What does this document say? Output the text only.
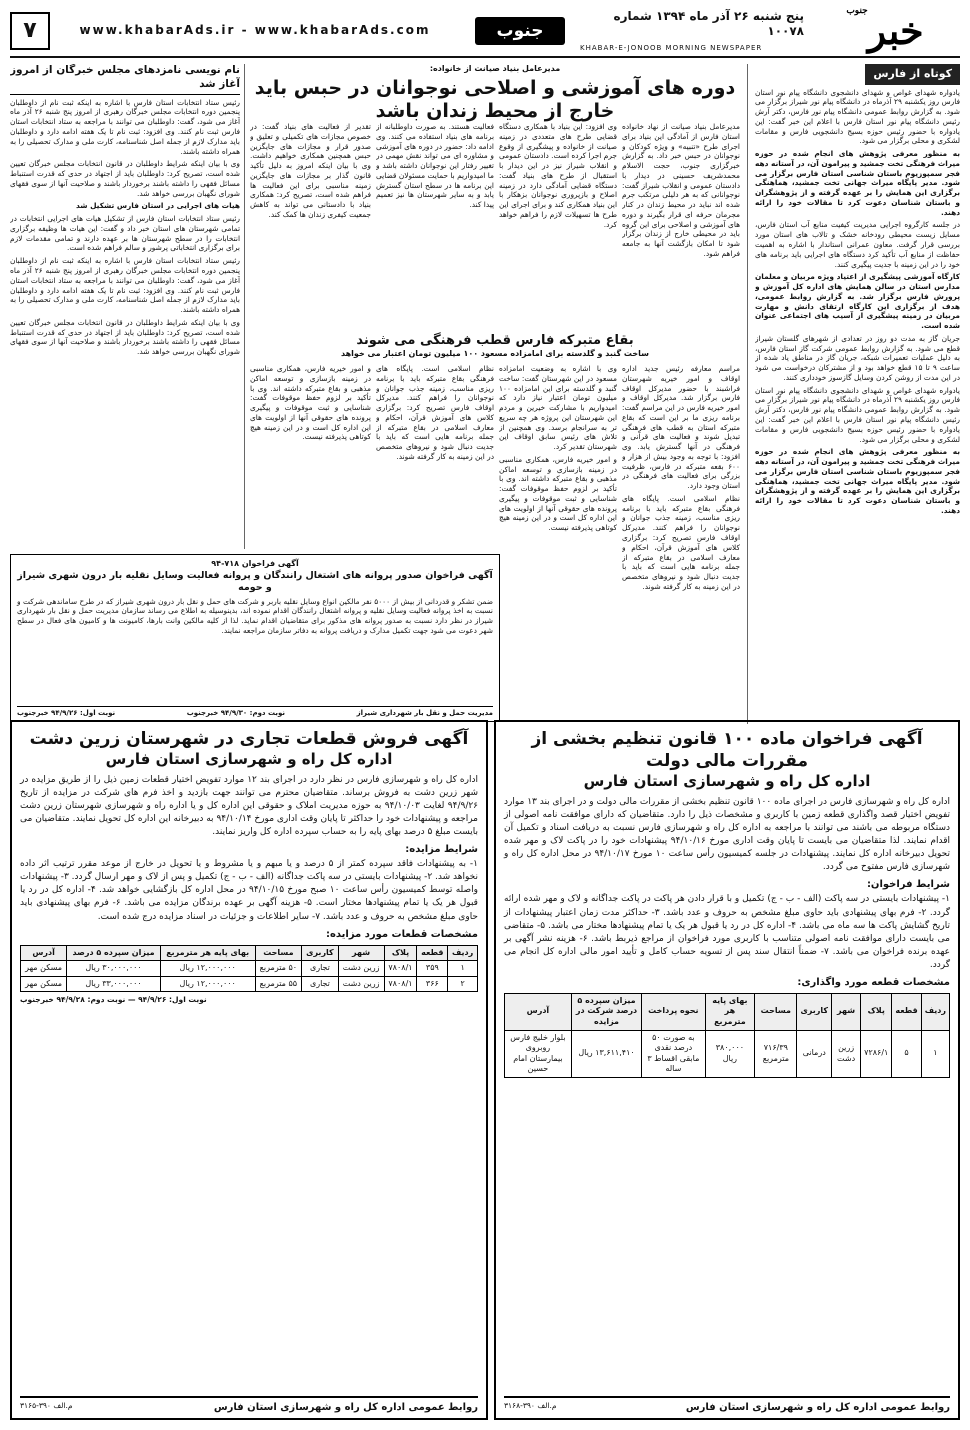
خبر$^{جنوب}$
پنج شنبه ۲۶ آذر ماه ۱۳۹۴ شماره ۱۰۰۷۸
KHABAR-E-JONOOB MORNING NEWSPAPER
جنوب
www.khabarAds.ir - www.khabarAds.com
۷
کوتاه از فارس

یادواره شهدای غواص و شهدای دانشجوی دانشگاه پیام نور استان فارس روز یکشنبه ۲۹ آذرماه در دانشگاه پیام نور شیراز برگزار می شود. به گزارش روابط عمومی دانشگاه پیام نور فارس، دکتر آرش رئیس دانشگاه پیام نور استان فارس با اعلام این خبر گفت: این یادواره با حضور رئیس حوزه بسیج دانشجویی فارس و مقامات لشکری و محلی برگزار می شود.

به منظور معرفی پژوهش های انجام شده در حوزه میراث فرهنگی تخت جمشید و پیرامون آن، در آستانه دهه فجر سمپوزیوم باستان شناسی استان فارس برگزار می شود. مدیر پایگاه میراث جهانی تخت جمشید، هماهنگی برگزاری این همایش را بر عهده گرفته و از پژوهشگران و باستان شناسان دعوت کرد تا مقالات خود را ارائه دهند.

در جلسه کارگروه اجرایی مدیریت کیفیت منابع آب استان فارس، مسایل زیست محیطی رودخانه خشک و تالاب های استان مورد بررسی قرار گرفت. معاون عمرانی استاندار با اشاره به اهمیت حفاظت از منابع آب تأکید کرد دستگاه های اجرایی باید برنامه های خود را در این زمینه با جدیت پیگیری کنند.

کارگاه آموزشی پیشگیری از اعتیاد ویژه مربیان و معلمان مدارس استان در سالن همایش های اداره کل آموزش و پرورش فارس برگزار شد. به گزارش روابط عمومی، هدف از برگزاری این کارگاه ارتقای دانش و مهارت مربیان در زمینه پیشگیری از آسیب های اجتماعی عنوان شده است.

جریان گاز به مدت دو روز در تعدادی از شهرهای گلستان شیراز قطع می شود. به گزارش روابط عمومی شرکت گاز استان فارس، به دلیل عملیات تعمیرات شبکه، جریان گاز در مناطق یاد شده از ساعت ۹ تا ۱۵ قطع خواهد بود و از مشترکان درخواست می شود در این مدت از روشن کردن وسایل گازسوز خودداری کنند.

یادواره شهدای غواص و شهدای دانشجوی دانشگاه پیام نور استان فارس روز یکشنبه ۲۹ آذرماه در دانشگاه پیام نور شیراز برگزار می شود. به گزارش روابط عمومی دانشگاه پیام نور فارس، دکتر آرش رئیس دانشگاه پیام نور استان فارس با اعلام این خبر گفت: این یادواره با حضور رئیس حوزه بسیج دانشجویی فارس و مقامات لشکری و محلی برگزار می شود.

به منظور معرفی پژوهش های انجام شده در حوزه میراث فرهنگی تخت جمشید و پیرامون آن، در آستانه دهه فجر سمپوزیوم باستان شناسی استان فارس برگزار می شود. مدیر پایگاه میراث جهانی تخت جمشید، هماهنگی برگزاری این همایش را بر عهده گرفته و از پژوهشگران و باستان شناسان دعوت کرد تا مقالات خود را ارائه دهند.

مدیرعامل بنیاد صیانت از خانواده:
دوره های آموزشی و اصلاحی نوجوانان در حبس باید خارج از محیط زندان باشد
مدیرعامل بنیاد صیانت از نهاد خانواده استان فارس از آمادگی این بنیاد برای اجرای طرح «تنبیه» و ویژه کودکان و نوجوانان در حبس خبر داد. به گزارش خبرگزاری جنوب، حجت الاسلام محمدشریف حسینی در دیدار با دادستان عمومی و انقلاب شیراز گفت: نوجوانانی که به هر دلیلی مرتکب جرم شده اند نباید در محیط زندان در کنار مجرمان حرفه ای قرار بگیرند و دوره های آموزشی و اصلاحی برای این گروه باید در محیطی خارج از زندان برگزار شود تا امکان بازگشت آنها به جامعه فراهم شود.
وی افزود: این بنیاد با همکاری دستگاه قضایی طرح های متعددی در زمینه صیانت از خانواده و پیشگیری از وقوع جرم اجرا کرده است. دادستان عمومی و انقلاب شیراز نیز در این دیدار با استقبال از طرح های بنیاد گفت: دستگاه قضایی آمادگی دارد در زمینه اصلاح و بازپروری نوجوانان بزهکار با این بنیاد همکاری کند و برای اجرای این طرح ها تسهیلات لازم را فراهم خواهد کرد.
فعالیت هستند. به صورت داوطلبانه از برنامه های بنیاد استفاده می کنند. وی ادامه داد: حضور در دوره های آموزشی و مشاوره ای می تواند نقش مهمی در تغییر رفتار این نوجوانان داشته باشد و ما امیدواریم با حمایت مسئولان قضایی این برنامه ها در سطح استان گسترش یابد و به سایر شهرستان ها نیز تعمیم پیدا کند.
تقدیر از فعالیت های بنیاد گفت: در خصوص مجازات های تکمیلی و تعلیق و صدور قرار و مجازات های جایگزین حبس همچنین همکاری خواهیم داشت. وی با بیان اینکه امروز به دلیل تأکید قانون گذار بر مجازات های جایگزین زمینه مناسبی برای این فعالیت ها فراهم شده است، تصریح کرد: همکاری بنیاد با دادستانی می تواند به کاهش جمعیت کیفری زندان ها کمک کند.
بقاع متبرکه فارس قطب فرهنگی می شوند
ساخت گنبد و گلدسته برای امامزاده مسعود ۱۰۰ میلیون تومان اعتبار می خواهد

مراسم معارفه رئیس جدید اداره اوقاف و امور خیریه شهرستان فراشبند با حضور مدیرکل اوقاف فارس برگزار شد. مدیرکل اوقاف و امور خیریه فارس در این مراسم گفت: برنامه ریزی ما بر این است که بقاع متبرکه استان به قطب های فرهنگی تبدیل شوند و فعالیت های قرآنی و فرهنگی در آنها گسترش یابد. وی افزود: با توجه به وجود بیش از هزار و ۶۰۰ بقعه متبرکه در فارس، ظرفیت بزرگی برای فعالیت های فرهنگی در استان وجود دارد.

نظام اسلامی است. پایگاه های فرهنگی بقاع متبرکه باید با برنامه ریزی مناسب، زمینه جذب جوانان و نوجوانان را فراهم کنند. مدیرکل اوقاف فارس تصریح کرد: برگزاری کلاس های آموزش قرآن، احکام و معارف اسلامی در بقاع متبرکه از جمله برنامه هایی است که باید با جدیت دنبال شود و نیروهای متخصص در این زمینه به کار گرفته شوند.

وی با اشاره به وضعیت امامزاده مسعود در این شهرستان گفت: ساخت گنبد و گلدسته برای این امامزاده ۱۰۰ میلیون تومان اعتبار نیاز دارد که امیدواریم با مشارکت خیرین و مردم این شهرستان این پروژه هر چه سریع تر به سرانجام برسد. وی همچنین از تلاش های رئیس سابق اوقاف این شهرستان تقدیر کرد.

و امور خیریه فارس، همکاری مناسبی در زمینه بازسازی و توسعه اماکن مذهبی و بقاع متبرکه داشته اند. وی با تأکید بر لزوم حفظ موقوفات گفت: شناسایی و ثبت موقوفات و پیگیری پرونده های حقوقی آنها از اولویت های این اداره کل است و در این زمینه هیچ کوتاهی پذیرفته نیست.

نظام اسلامی است. پایگاه های فرهنگی بقاع متبرکه باید با برنامه ریزی مناسب، زمینه جذب جوانان و نوجوانان را فراهم کنند. مدیرکل اوقاف فارس تصریح کرد: برگزاری کلاس های آموزش قرآن، احکام و معارف اسلامی در بقاع متبرکه از جمله برنامه هایی است که باید با جدیت دنبال شود و نیروهای متخصص در این زمینه به کار گرفته شوند.
و امور خیریه فارس، همکاری مناسبی در زمینه بازسازی و توسعه اماکن مذهبی و بقاع متبرکه داشته اند. وی با تأکید بر لزوم حفظ موقوفات گفت: شناسایی و ثبت موقوفات و پیگیری پرونده های حقوقی آنها از اولویت های این اداره کل است و در این زمینه هیچ کوتاهی پذیرفته نیست.
نام نویسی نامزدهای مجلس خبرگان از امروز آغاز شد

رئیس ستاد انتخابات استان فارس با اشاره به اینکه ثبت نام از داوطلبان پنجمین دوره انتخابات مجلس خبرگان رهبری از امروز پنج شنبه ۲۶ آذر ماه آغاز می شود، گفت: داوطلبان می توانند با مراجعه به ستاد انتخابات استان فارس ثبت نام کنند. وی افزود: ثبت نام تا یک هفته ادامه دارد و داوطلبان باید مدارک لازم از جمله اصل شناسنامه، کارت ملی و مدارک تحصیلی را به همراه داشته باشند.

وی با بیان اینکه شرایط داوطلبان در قانون انتخابات مجلس خبرگان تعیین شده است، تصریح کرد: داوطلبان باید از اجتهاد در حدی که قدرت استنباط مسائل فقهی را داشته باشند برخوردار باشند و صلاحیت آنها از سوی فقهای شورای نگهبان بررسی خواهد شد.

هیات های اجرایی در استان فارس تشکیل شد

رئیس ستاد انتخابات استان فارس از تشکیل هیات های اجرایی انتخابات در تمامی شهرستان های استان خبر داد و گفت: این هیات ها وظیفه برگزاری انتخابات را در سطح شهرستان ها بر عهده دارند و تمامی مقدمات لازم برای برگزاری انتخاباتی پرشور و سالم فراهم شده است.

رئیس ستاد انتخابات استان فارس با اشاره به اینکه ثبت نام از داوطلبان پنجمین دوره انتخابات مجلس خبرگان رهبری از امروز پنج شنبه ۲۶ آذر ماه آغاز می شود، گفت: داوطلبان می توانند با مراجعه به ستاد انتخابات استان فارس ثبت نام کنند. وی افزود: ثبت نام تا یک هفته ادامه دارد و داوطلبان باید مدارک لازم از جمله اصل شناسنامه، کارت ملی و مدارک تحصیلی را به همراه داشته باشند.

وی با بیان اینکه شرایط داوطلبان در قانون انتخابات مجلس خبرگان تعیین شده است، تصریح کرد: داوطلبان باید از اجتهاد در حدی که قدرت استنباط مسائل فقهی را داشته باشند برخوردار باشند و صلاحیت آنها از سوی فقهای شورای نگهبان بررسی خواهد شد.

آگهی فراخوان ۷۱۸-۹۴
آگهی فراخوان صدور پروانه های اشتغال رانندگان و پروانه فعالیت وسایل نقلیه بار درون شهری شیراز و حومه
ضمن تشکر و قدردانی از بیش از ۵۰۰۰ نفر مالکین انواع وسایل نقلیه باربر و شرکت های حمل و نقل بار درون شهری شیراز که در طرح ساماندهی شرکت و نسبت به اخذ پروانه فعالیت وسایل نقلیه و پروانه اشتغال رانندگان اقدام نموده اند، بدینوسیله به اطلاع می رساند سازمان مدیریت حمل و نقل بار شهرداری شیراز در نظر دارد نسبت به صدور پروانه های مذکور برای متقاضیان اقدام نماید. لذا از کلیه مالکین وانت بارها، کامیونت ها و کامیون های فعال در سطح شهر دعوت می شود جهت تکمیل مدارک و دریافت پروانه به دفاتر سازمان مراجعه نمایند.
مدیریت حمل و نقل بار شهرداری شیراز
نوبت دوم: ۹۴/۹/۳۰ خبرجنوب
نوبت اول: ۹۴/۹/۲۶ خبرجنوب
آگهی فراخوان ماده ۱۰۰ قانون تنظیم بخشی از مقررات مالی دولت
اداره کل راه و شهرسازی استان فارس
اداره کل راه و شهرسازی فارس در اجرای ماده ۱۰۰ قانون تنظیم بخشی از مقررات مالی دولت و در اجرای بند ۱۳ موارد تفویض اختیار قصد واگذاری قطعه زمین با کاربری و مشخصات ذیل را دارد. متقاضیان که دارای موافقت نامه اصولی از دستگاه مربوطه می باشند می توانند با مراجعه به اداره کل راه و شهرسازی فارس نسبت به دریافت اسناد و تکمیل آن اقدام نمایند. لذا متقاضیان می بایست تا پایان وقت اداری مورخ ۹۴/۱۰/۱۶ پیشنهادات خود را در پاکت لاک و مهر شده تحویل دبیرخانه اداره کل نمایند. پیشنهادات در جلسه کمیسیون رأس ساعت ۱۰ مورخ ۹۴/۱۰/۱۷ در محل اداره کل راه و شهرسازی فارس مفتوح می گردد.
شرایط فراخوان:
۱- پیشنهادات بایستی در سه پاکت (الف - ب - ج) تکمیل و با قرار دادن هر پاکت در پاکت جداگانه و لاک و مهر شده ارائه گردد. ۲- فرم بهای پیشنهادی باید حاوی مبلغ مشخص به حروف و عدد باشد. ۳- حداکثر مدت زمان اعتبار پیشنهادات از تاریخ گشایش پاکت ها سه ماه می باشد. ۴- اداره کل در رد یا قبول هر یک یا تمام پیشنهادها مختار می باشد. ۵- متقاضی می بایست دارای موافقت نامه اصولی متناسب با کاربری مورد فراخوان از مراجع ذیربط باشد. ۶- هزینه نشر آگهی بر عهده برنده فراخوان می باشد. ۷- ضمناً انتقال سند پس از تسویه حساب کامل و تأیید امور مالی اداره کل انجام می گردد.
مشخصات قطعه مورد واگذاری:
ردیف	قطعه	پلاک	شهر	کاربری	مساحت	بهای پایه هر مترمربع	نحوه پرداخت	میزان سپرده ۵ درصد شرکت در مزایده	آدرس
۱	۵	۷۲۸۶/۱	زرین دشت	درمانی	۷۱۶/۳۹ مترمربع	۳۸۰,۰۰۰ ریال	به صورت ۵۰ درصد نقدی مابقی اقساط ۳ ساله	۱۳,۶۱۱,۴۱۰ ریال	بلوار خلیج فارس روبروی بیمارستان امام حسین
روابط عمومی اداره کل راه و شهرسازی استان فارس
م.الف ۳۹۰-۳۱۶۸
آگهی فروش قطعات تجاری در شهرستان زرین دشت
اداره کل راه و شهرسازی استان فارس
اداره کل راه و شهرسازی فارس در نظر دارد در اجرای بند ۱۲ موارد تفویض اختیار قطعات زمین ذیل را از طریق مزایده در شهر زرین دشت به فروش برساند. متقاضیان محترم می توانند جهت بازدید و اخذ فرم های شرکت در مزایده از تاریخ ۹۴/۹/۲۶ لغایت ۹۴/۱۰/۰۳ به حوزه مدیریت املاک و حقوقی این اداره کل و یا اداره راه و شهرسازی شهرستان زرین دشت مراجعه و پیشنهادات خود را حداکثر تا پایان وقت اداری مورخ ۹۴/۱۰/۱۴ به دبیرخانه این اداره کل تحویل نمایند. متقاضیان می بایست مبلغ ۵ درصد بهای پایه را به حساب سپرده اداره کل واریز نمایند.
شرایط مزایده:
۱- به پیشنهادات فاقد سپرده کمتر از ۵ درصد و یا مبهم و یا مشروط و یا تحویل در خارج از موعد مقرر ترتیب اثر داده نخواهد شد. ۲- پیشنهادات بایستی در سه پاکت جداگانه (الف - ب - ج) تکمیل و پس از لاک و مهر ارسال گردد. ۳- پیشنهادات واصله توسط کمیسیون رأس ساعت ۱۰ صبح مورخ ۹۴/۱۰/۱۵ در محل اداره کل بازگشایی خواهد شد. ۴- اداره کل در رد یا قبول هر یک یا تمام پیشنهادها مختار است. ۵- هزینه آگهی بر عهده برندگان مزایده می باشد. ۶- فرم بهای پیشنهادی باید حاوی مبلغ مشخص به حروف و عدد باشد. ۷- سایر اطلاعات و جزئیات در اسناد مزایده درج شده است.
مشخصات قطعات مورد مزایده:
ردیف	قطعه	پلاک	شهر	کاربری	مساحت	بهای پایه هر مترمربع	میزان سپرده ۵ درصد	آدرس
۱	۳۵۹	۷۸۰۸/۱	زرین دشت	تجاری	۵۰ مترمربع	۱۲,۰۰۰,۰۰۰ ریال	۳۰,۰۰۰,۰۰۰ ریال	مسکن مهر
۲	۳۶۶	۷۸۰۸/۱	زرین دشت	تجاری	۵۵ مترمربع	۱۲,۰۰۰,۰۰۰ ریال	۳۳,۰۰۰,۰۰۰ ریال	مسکن مهر
نوبت اول: ۹۴/۹/۲۶ — نوبت دوم: ۹۴/۹/۲۸ خبرجنوب
روابط عمومی اداره کل راه و شهرسازی استان فارس
م.الف ۳۹۰-۳۱۶۵
